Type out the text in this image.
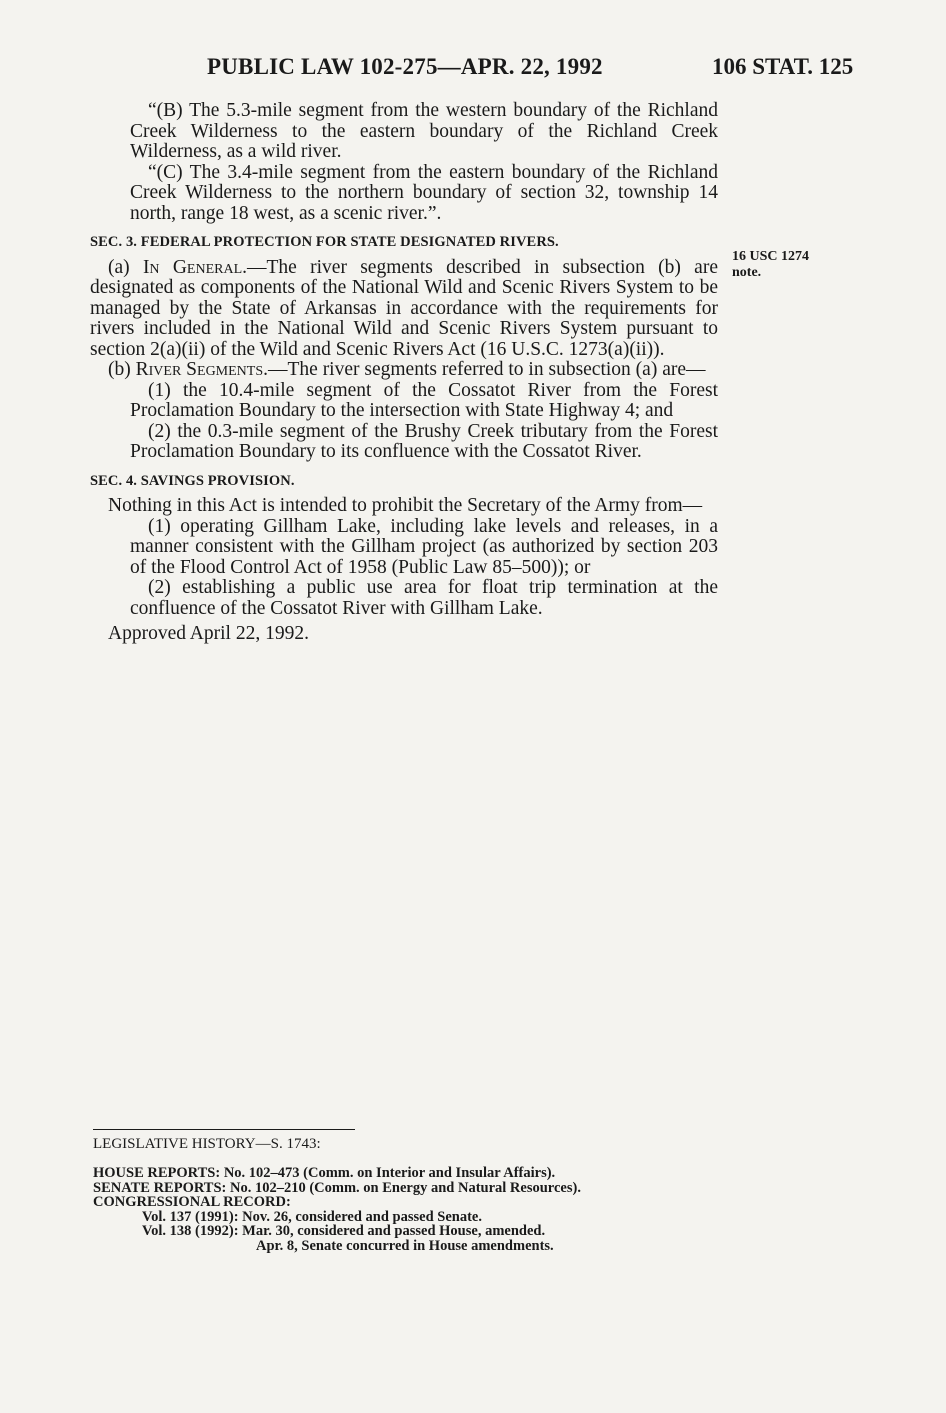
PUBLIC LAW 102-275—APR. 22, 1992	106 STAT. 125
16 USC 1274
note.

“(B) The 5.3-mile segment from the western boundary of the Richland Creek Wilderness to the eastern boundary of the Richland Creek Wilderness, as a wild river.

“(C) The 3.4-mile segment from the eastern boundary of the Richland Creek Wilderness to the northern boundary of section 32, township 14 north, range 18 west, as a scenic river.”.

SEC. 3. FEDERAL PROTECTION FOR STATE DESIGNATED RIVERS.

(a) In General.—The river segments described in subsection (b) are designated as components of the National Wild and Scenic Rivers System to be managed by the State of Arkansas in accordance with the requirements for rivers included in the National Wild and Scenic Rivers System pursuant to section 2(a)(ii) of the Wild and Scenic Rivers Act (16 U.S.C. 1273(a)(ii)).

(b) River Segments.—The river segments referred to in subsection (a) are—

(1) the 10.4-mile segment of the Cossatot River from the Forest Proclamation Boundary to the intersection with State Highway 4; and

(2) the 0.3-mile segment of the Brushy Creek tributary from the Forest Proclamation Boundary to its confluence with the Cossatot River.

SEC. 4. SAVINGS PROVISION.

Nothing in this Act is intended to prohibit the Secretary of the Army from—

(1) operating Gillham Lake, including lake levels and releases, in a manner consistent with the Gillham project (as authorized by section 203 of the Flood Control Act of 1958 (Public Law 85–500)); or

(2) establishing a public use area for float trip termination at the confluence of the Cossatot River with Gillham Lake.

Approved April 22, 1992.

LEGISLATIVE HISTORY—S. 1743:
HOUSE REPORTS: No. 102–473 (Comm. on Interior and Insular Affairs).
SENATE REPORTS: No. 102–210 (Comm. on Energy and Natural Resources).
CONGRESSIONAL RECORD:
Vol. 137 (1991): Nov. 26, considered and passed Senate.
Vol. 138 (1992): Mar. 30, considered and passed House, amended.
Apr. 8, Senate concurred in House amendments.
